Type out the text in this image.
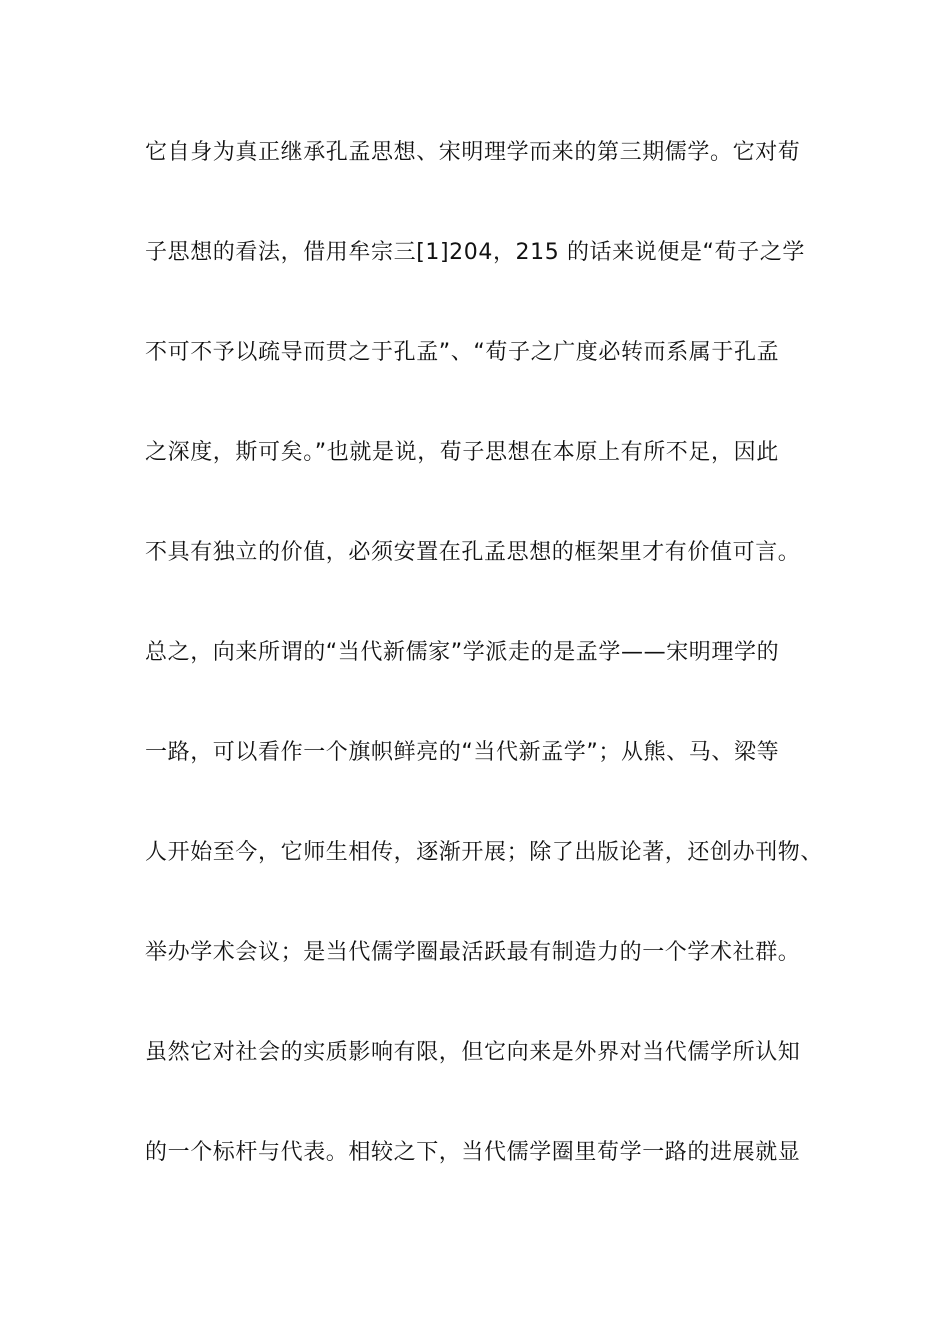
它自身为真正继承孔孟思想、宋明理学而来的第三期儒学。它对荀
子思想的看法，借用牟宗三[1]204，215 的话来说便是“荀子之学
不可不予以疏导而贯之于孔孟”、“荀子之广度必转而系属于孔孟
之深度，斯可矣。”也就是说，荀子思想在本原上有所不足，因此
不具有独立的价值，必须安置在孔孟思想的框架里才有价值可言。
总之，向来所谓的“当代新儒家”学派走的是孟学——宋明理学的
一路，可以看作一个旗帜鲜亮的“当代新孟学”；从熊、马、梁等
人开始至今，它师生相传，逐渐开展；除了出版论著，还创办刊物、
举办学术会议；是当代儒学圈最活跃最有制造力的一个学术社群。
虽然它对社会的实质影响有限，但它向来是外界对当代儒学所认知
的一个标杆与代表。相较之下，当代儒学圈里荀学一路的进展就显
